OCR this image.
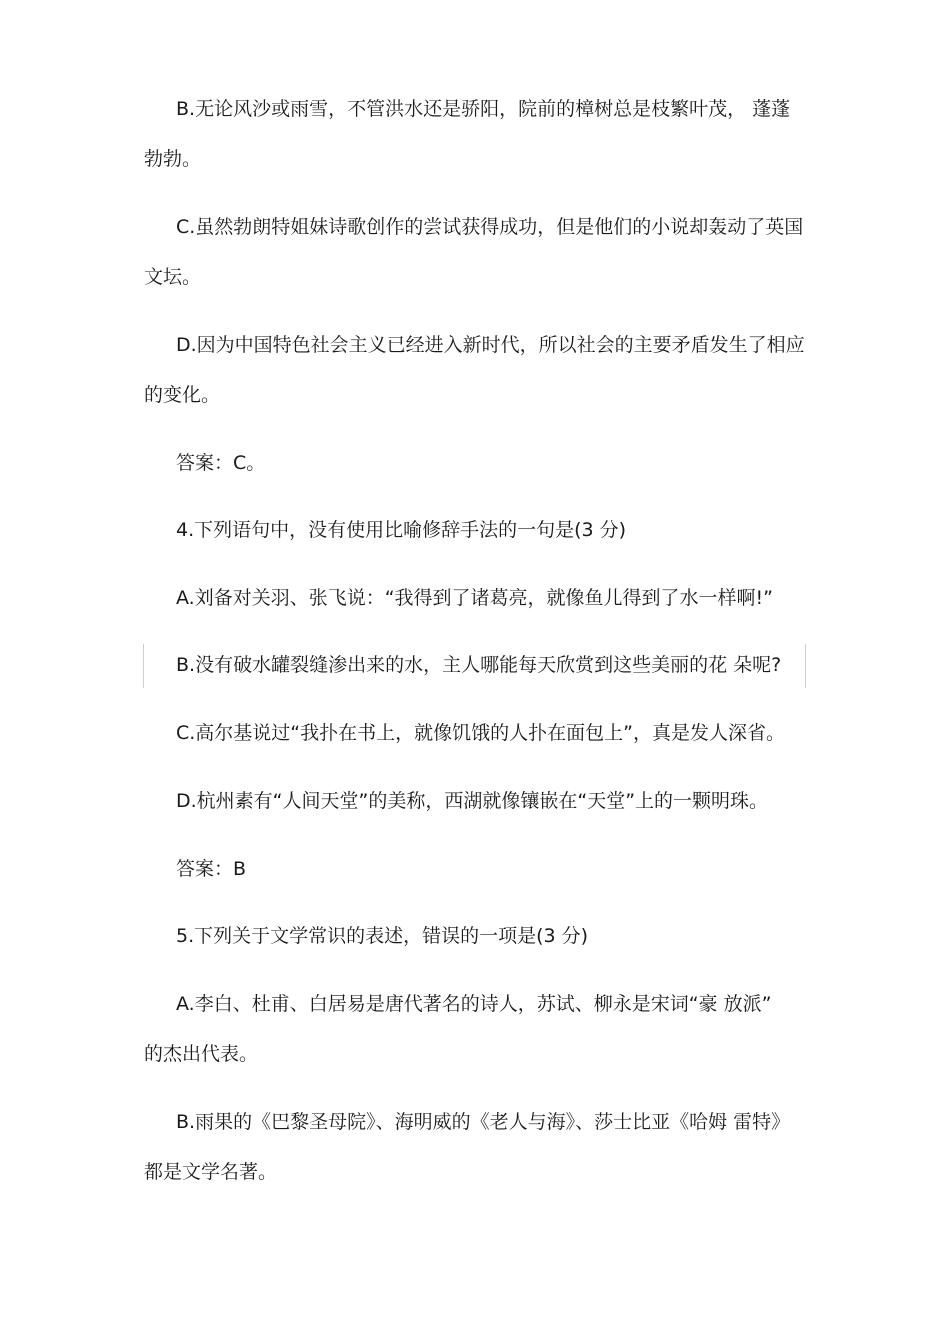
B.无论风沙或雨雪，不管洪水还是骄阳，院前的樟树总是枝繁叶茂， 蓬蓬
勃勃。
C.虽然勃朗特姐妹诗歌创作的尝试获得成功，但是他们的小说却轰动了英国
文坛。
D.因为中国特色社会主义已经进入新时代，所以社会的主要矛盾发生了相应
的变化。
答案：C。
4.下列语句中，没有使用比喻修辞手法的一句是(3 分)
A.刘备对关羽、张飞说：“我得到了诸葛亮，就像鱼儿得到了水一样啊!”
B.没有破水罐裂缝渗出来的水，主人哪能每天欣赏到这些美丽的花 朵呢?
C.高尔基说过“我扑在书上，就像饥饿的人扑在面包上”，真是发人深省。
D.杭州素有“人间天堂”的美称，西湖就像镶嵌在“天堂”上的一颗明珠。
答案：B
5.下列关于文学常识的表述，错误的一项是(3 分)
A.李白、杜甫、白居易是唐代著名的诗人，苏试、柳永是宋词“豪 放派”
的杰出代表。
B.雨果的《巴黎圣母院》、海明威的《老人与海》、莎士比亚《哈姆 雷特》
都是文学名著。
